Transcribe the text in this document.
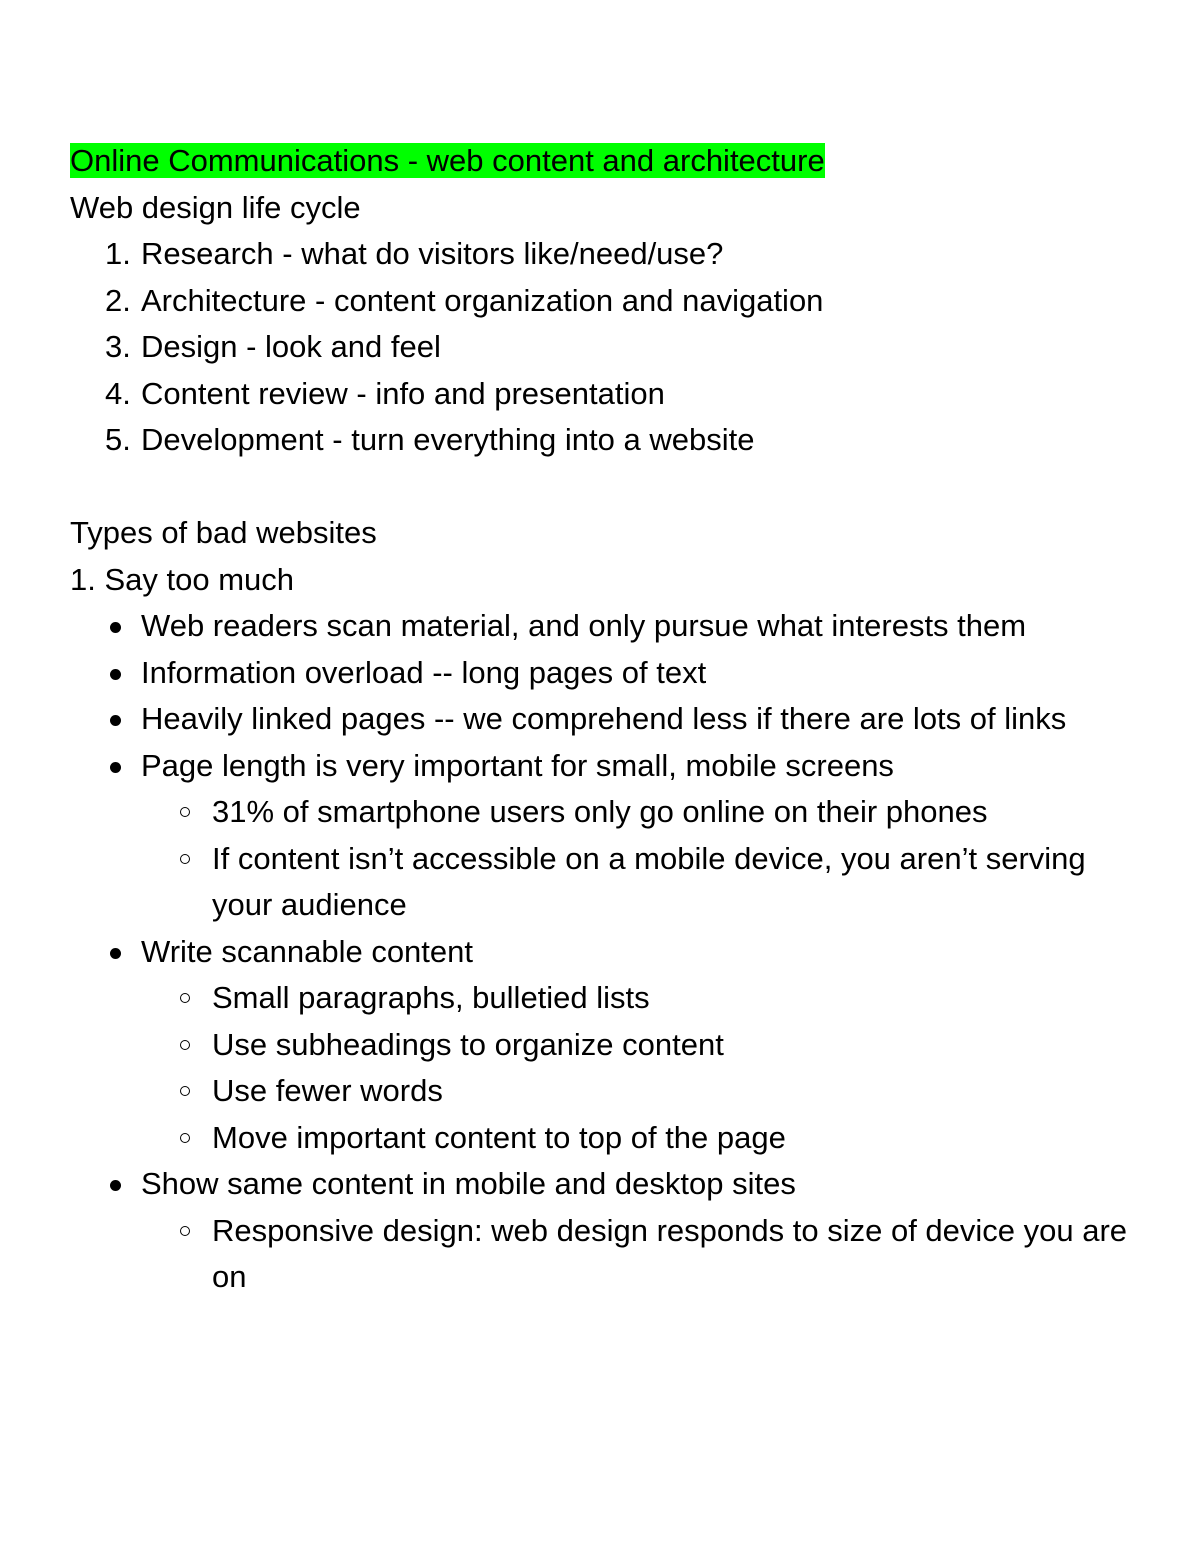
Online Communications - web content and architecture

Web design life cycle

1. Research - what do visitors like/need/use?
2. Architecture - content organization and navigation
3. Design - look and feel
4. Content review - info and presentation
5. Development - turn everything into a website

Types of bad websites

1. Say too much

Web readers scan material, and only pursue what interests them
Information overload -- long pages of text
Heavily linked pages -- we comprehend less if there are lots of links
Page length is very important for small, mobile screens
31% of smartphone users only go online on their phones
If content isn’t accessible on a mobile device, you aren’t serving your audience
Write scannable content
Small paragraphs, bulletied lists
Use subheadings to organize content
Use fewer words
Move important content to top of the page
Show same content in mobile and desktop sites
Responsive design: web design responds to size of device you are on
